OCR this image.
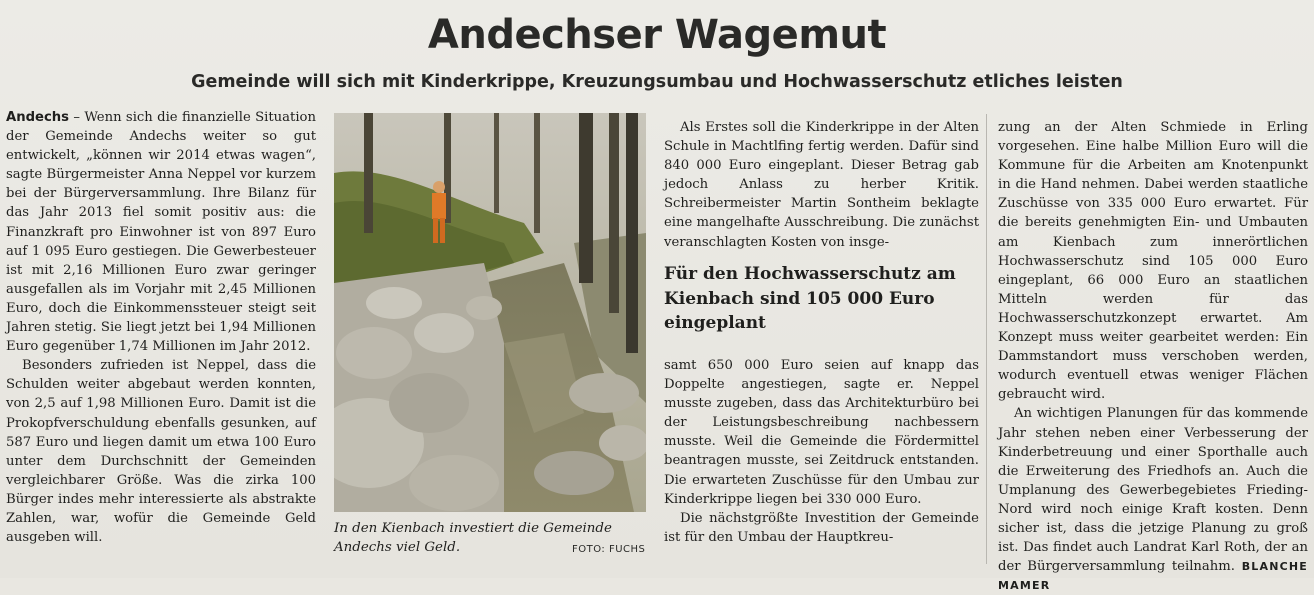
Andechser Wagemut
Gemeinde will sich mit Kinderkrippe, Kreuzungsumbau und Hochwasserschutz etliches leisten

Andechs – Wenn sich die finanzielle Situation der Gemeinde Andechs weiter so gut entwickelt, „können wir 2014 etwas wagen“, sagte Bürgermeister Anna Neppel vor kurzem bei der Bürgerversammlung. Ihre Bilanz für das Jahr 2013 fiel somit positiv aus: die Finanzkraft pro Einwohner ist von 897 Euro auf 1 095 Euro gestiegen. Die Gewerbesteuer ist mit 2,16 Millionen Euro zwar geringer ausgefallen als im Vorjahr mit 2,45 Millionen Euro, doch die Einkommenssteuer steigt seit Jahren stetig. Sie liegt jetzt bei 1,94 Millionen Euro gegenüber 1,74 Millionen im Jahr 2012.

Besonders zufrieden ist Neppel, dass die Schulden weiter abgebaut werden konnten, von 2,5 auf 1,98 Millionen Euro. Damit ist die Prokopfverschuldung ebenfalls gesunken, auf 587 Euro und liegen damit um etwa 100 Euro unter dem Durchschnitt der Gemeinden vergleichbarer Größe. Was die zirka 100 Bürger indes mehr interessierte als abstrakte Zahlen, war, wofür die Gemeinde Geld ausgeben will.

In den Kienbach investiert die Gemeinde Andechs viel Geld.	FOTO: FUCHS

Als Erstes soll die Kinderkrippe in der Alten Schule in Machtlfing fertig werden. Dafür sind 840 000 Euro eingeplant. Dieser Betrag gab jedoch Anlass zu herber Kritik. Schreibermeister Martin Sontheim beklagte eine mangelhafte Ausschreibung. Die zunächst veranschlagten Kosten von insge-

Für den Hochwasserschutz am Kienbach sind 105 000 Euro eingeplant

samt 650 000 Euro seien auf knapp das Doppelte angestiegen, sagte er. Neppel musste zugeben, dass das Architekturbüro bei der Leistungsbeschreibung nachbessern musste. Weil die Gemeinde die Fördermittel beantragen musste, sei Zeitdruck entstanden. Die erwarteten Zuschüsse für den Umbau zur Kinderkrippe liegen bei 330 000 Euro.

Die nächstgrößte Investition der Gemeinde ist für den Umbau der Hauptkreu-

zung an der Alten Schmiede in Erling vorgesehen. Eine halbe Million Euro will die Kommune für die Arbeiten am Knotenpunkt in die Hand nehmen. Dabei werden staatliche Zuschüsse von 335 000 Euro erwartet. Für die bereits genehmigten Ein- und Umbauten am Kienbach zum innerörtlichen Hochwasserschutz sind 105 000 Euro eingeplant, 66 000 Euro an staatlichen Mitteln werden für das Hochwasserschutzkonzept erwartet. Am Konzept muss weiter gearbeitet werden: Ein Dammstandort muss verschoben werden, wodurch eventuell etwas weniger Flächen gebraucht wird.

An wichtigen Planungen für das kommende Jahr stehen neben einer Verbesserung der Kinderbetreuung und einer Sporthalle auch die Erweiterung des Friedhofs an. Auch die Umplanung des Gewerbegebietes Frieding-Nord wird noch einige Kraft kosten. Denn sicher ist, dass die jetzige Planung zu groß ist. Das findet auch Landrat Karl Roth, der an der Bürgerversammlung teilnahm. BLANCHE MAMER
